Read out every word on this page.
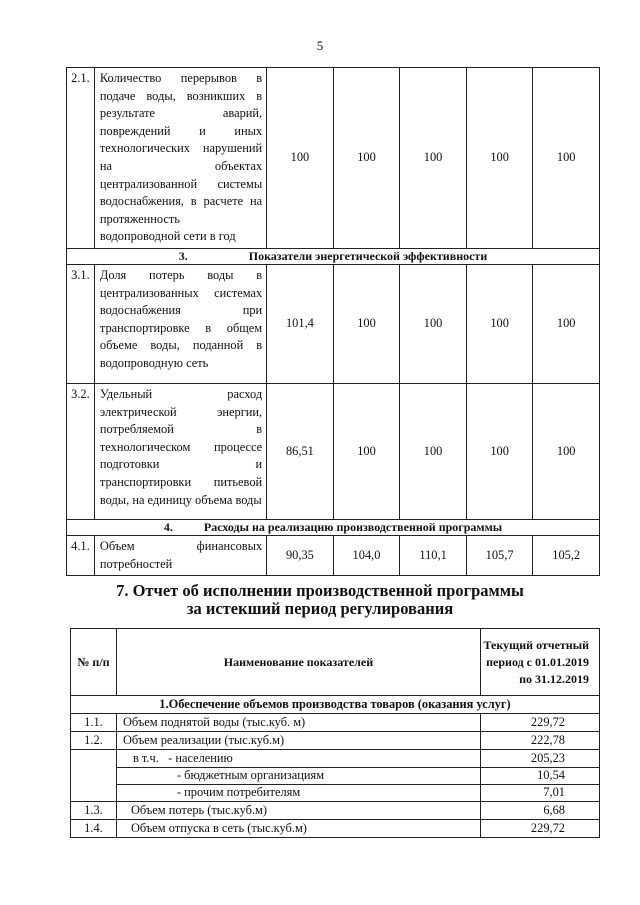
5
2.1.	Количество перерывов в подаче воды, возникших в результате аварий, повреждений и иных технологических нарушений на объектах централизованной системы водоснабжения, в расчете на протяженность водопроводной сети в год	100	100	100	100	100
3. Показатели энергетической эффективности						
3.1.	Доля потерь воды в централизованных системах водоснабжения при транспортировке в общем объеме воды, поданной в водопроводную сеть	101,4	100	100	100	100
3.2.	Удельный расход электрической энергии, потребляемой в технологическом процессе подготовки и транспортировки питьевой воды, на единицу объема воды	86,51	100	100	100	100
4. Расходы на реализацию производственной программы						
4.1.	Объем финансовых потребностей	90,35	104,0	110,1	105,7	105,2
7. Отчет об исполнении производственной программы
за истекший период регулирования
№ п/п	Наименование показателей	Текущий отчетный период с 01.01.2019 по 31.12.2019
1.Обеспечение объемов производства товаров (оказания услуг)		
1.1.	Объем поднятой воды (тыс.куб. м)	229,72
1.2.	Объем реализации (тыс.куб.м)	222,78
	в т.ч.   - населению	205,23
	- бюджетным организациям	10,54
	- прочим потребителям	7,01
1.3.	Объем потерь (тыс.куб.м)	6,68
1.4.	Объем отпуска в сеть (тыс.куб.м)	229,72
